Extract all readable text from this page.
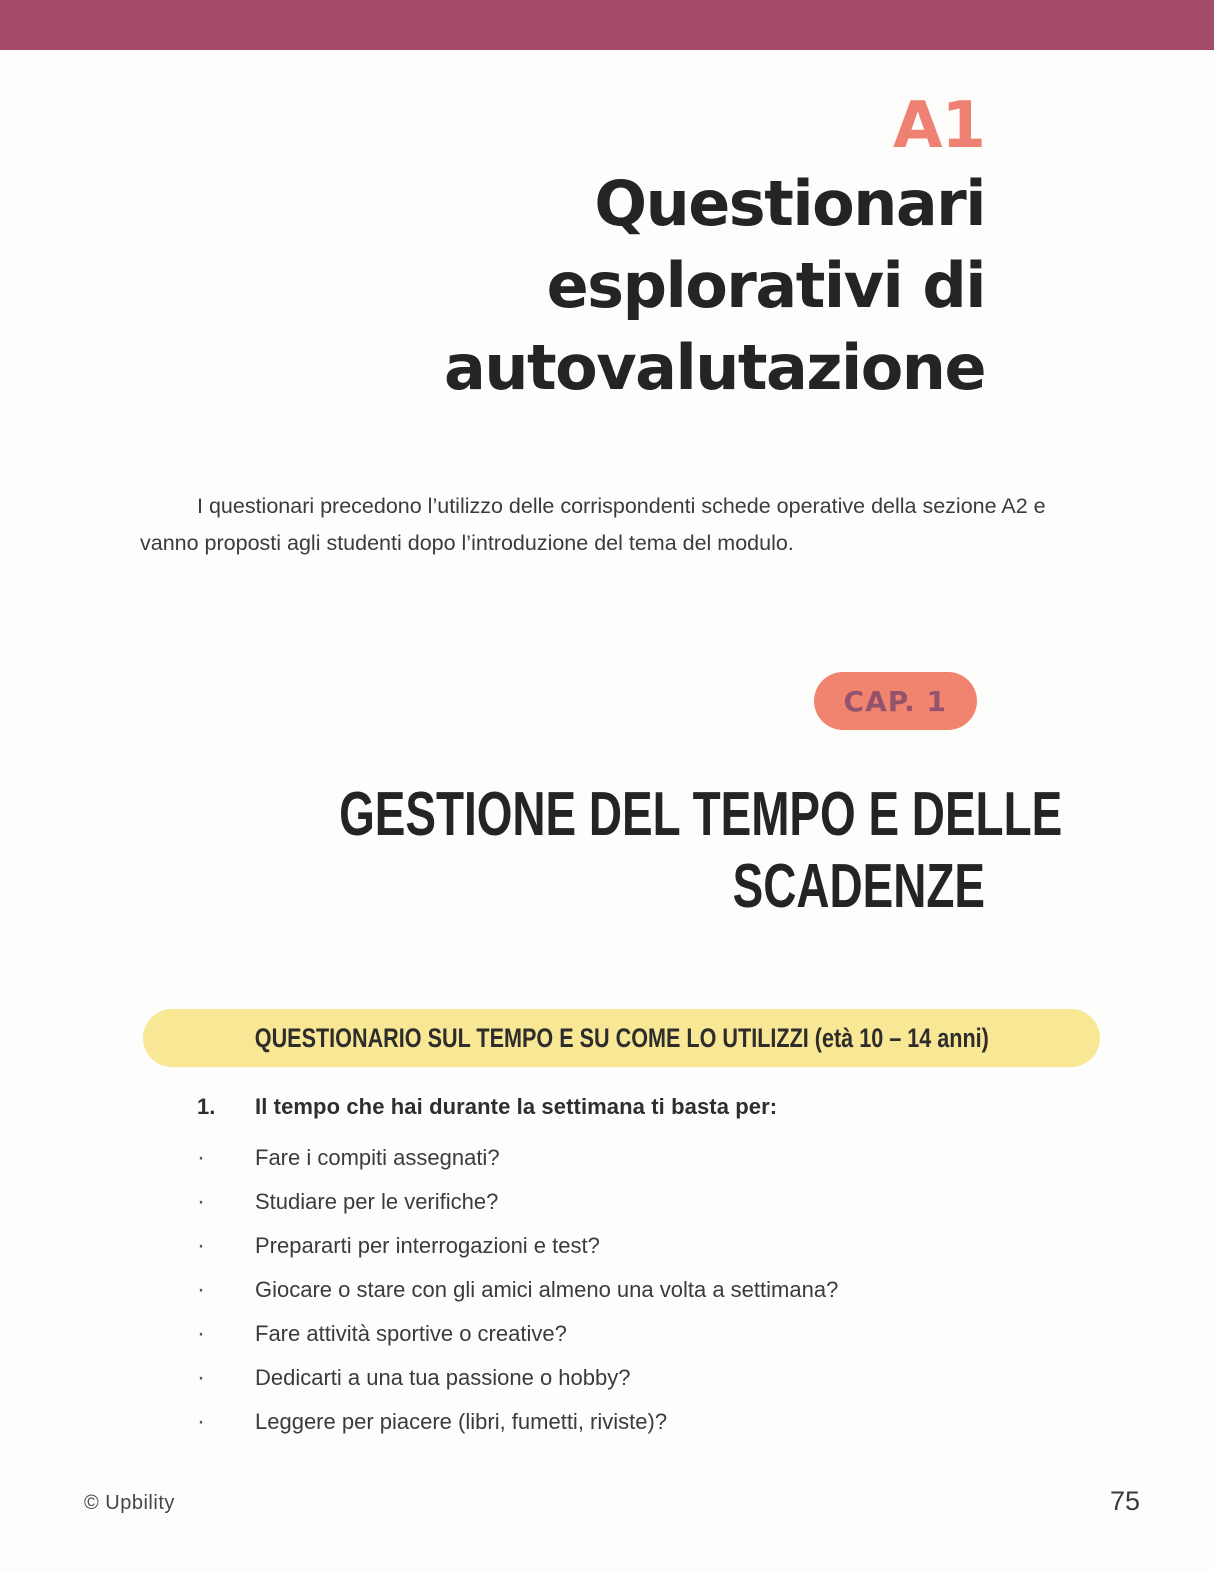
A1
Questionari
esplorativi di
autovalutazione

I questionari precedono l’utilizzo delle corrispondenti schede operative della sezione A2 e vanno proposti agli studenti dopo l’introduzione del tema del modulo.

CAP. 1
GESTIONE DEL TEMPO E DELLE
SCADENZE
QUESTIONARIO SUL TEMPO E SU COME LO UTILIZZI (età 10 – 14 anni)
1.	Il tempo che hai durante la settimana ti basta per:
·	Fare i compiti assegnati?
·	Studiare per le verifiche?
·	Prepararti per interrogazioni e test?
·	Giocare o stare con gli amici almeno una volta a settimana?
·	Fare attività sportive o creative?
·	Dedicarti a una tua passione o hobby?
·	Leggere per piacere (libri, fumetti, riviste)?
© Upbility	75
